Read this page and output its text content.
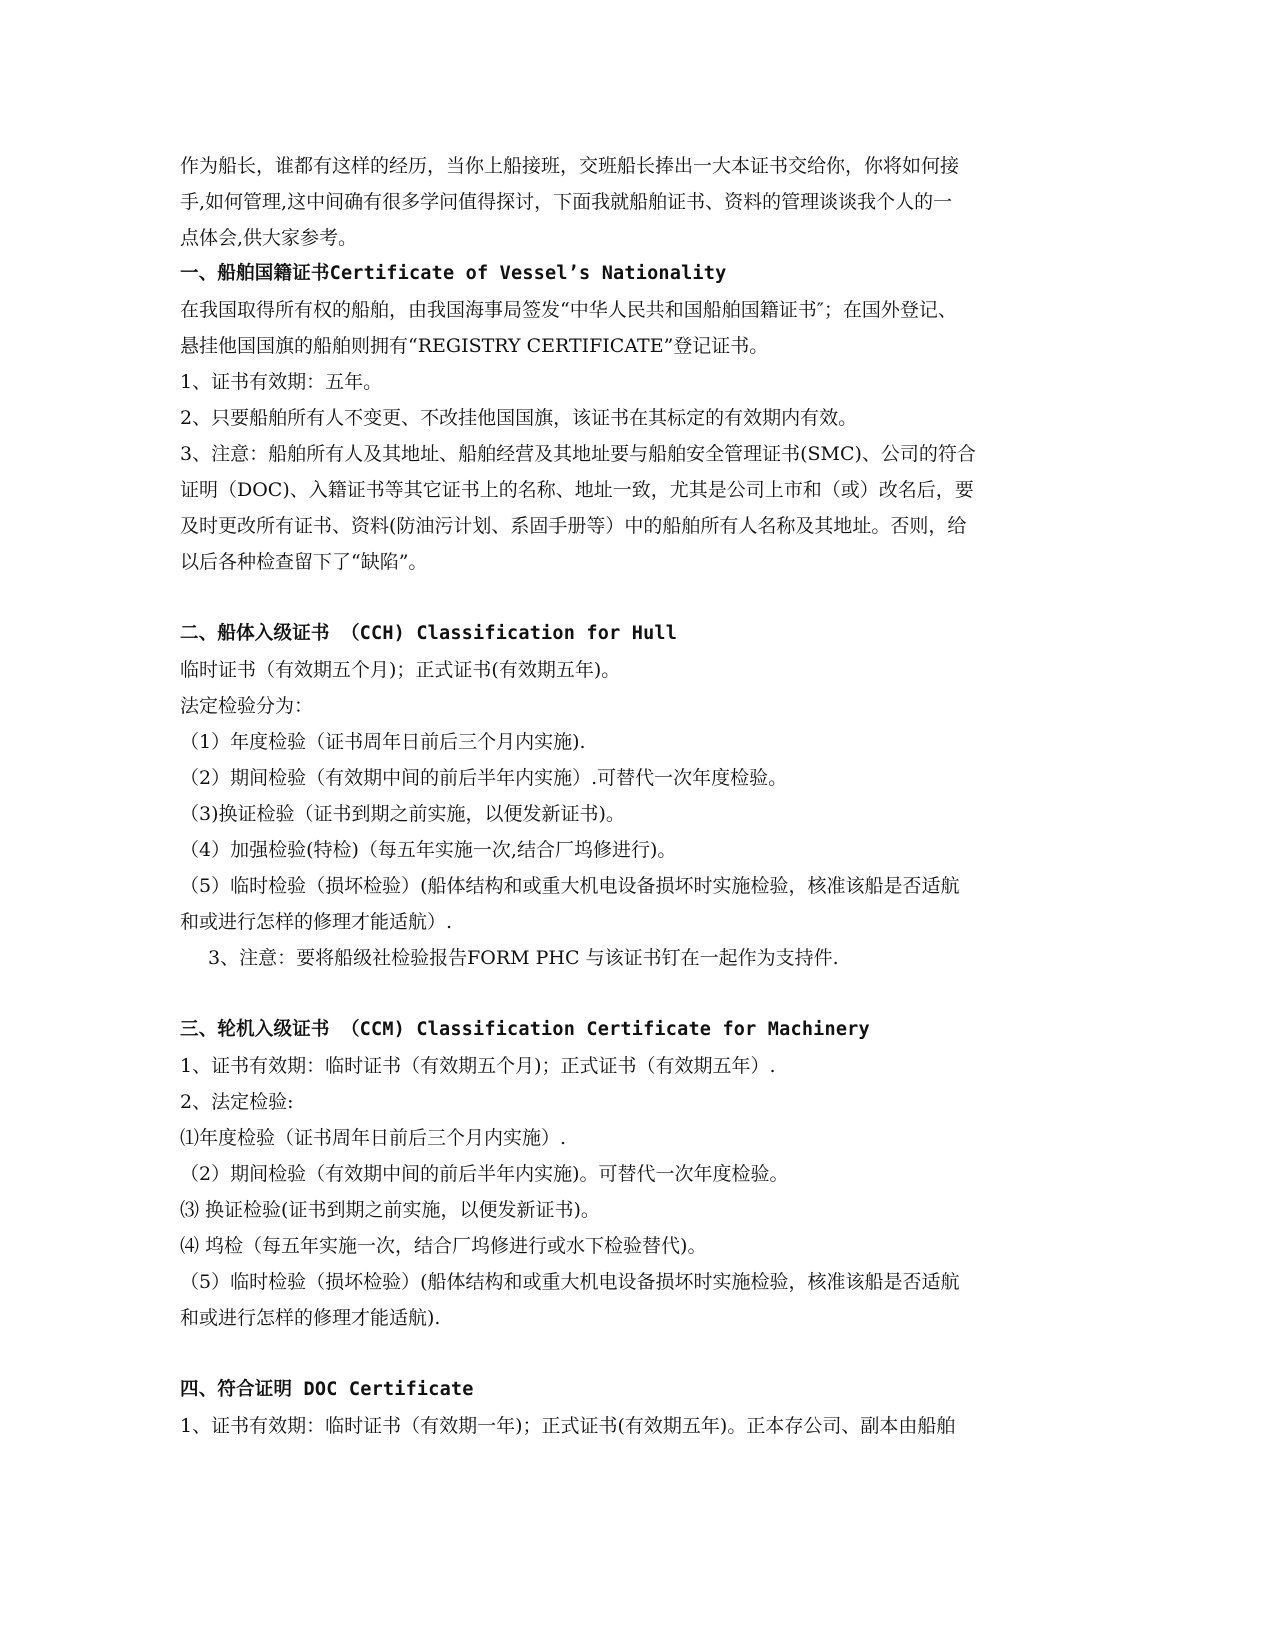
作为船长，谁都有这样的经历，当你上船接班，交班船长捧出一大本证书交给你，你将如何接
手,如何管理,这中间确有很多学问值得探讨，下面我就船舶证书、资料的管理谈谈我个人的一
点体会,供大家参考。
一、船舶国籍证书Certificate of Vessel’s Nationality
在我国取得所有权的船舶，由我国海事局签发“中华人民共和国船舶国籍证书″；在国外登记、
悬挂他国国旗的船舶则拥有“REGISTRY CERTIFICATE”登记证书。
1、证书有效期：五年。
2、只要船舶所有人不变更、不改挂他国国旗，该证书在其标定的有效期内有效。
3、注意：船舶所有人及其地址、船舶经营及其地址要与船舶安全管理证书(SMC)、公司的符合
证明（DOC)、入籍证书等其它证书上的名称、地址一致，尤其是公司上市和（或）改名后，要
及时更改所有证书、资料(防油污计划、系固手册等）中的船舶所有人名称及其地址。否则，给
以后各种检查留下了“缺陷”。
二、船体入级证书 （CCH) Classification for Hull
临时证书（有效期五个月)；正式证书(有效期五年)。
法定检验分为：
（1）年度检验（证书周年日前后三个月内实施).
（2）期间检验（有效期中间的前后半年内实施）.可替代一次年度检验。
（3)换证检验（证书到期之前实施，以便发新证书)。
（4）加强检验(特检)（每五年实施一次,结合厂坞修进行)。
（5）临时检验（损坏检验）(船体结构和或重大机电设备损坏时实施检验，核准该船是否适航
和或进行怎样的修理才能适航）.
3、注意：要将船级社检验报告FORM PHC 与该证书钉在一起作为支持件.
三、轮机入级证书 （CCM) Classification Certificate for Machinery
1、证书有效期：临时证书（有效期五个月)；正式证书（有效期五年）.
2、法定检验:
⑴年度检验（证书周年日前后三个月内实施）.
（2）期间检验（有效期中间的前后半年内实施)。可替代一次年度检验。
⑶ 换证检验(证书到期之前实施，以便发新证书)。
⑷ 坞检（每五年实施一次，结合厂坞修进行或水下检验替代)。
（5）临时检验（损坏检验）(船体结构和或重大机电设备损坏时实施检验，核准该船是否适航
和或进行怎样的修理才能适航).
四、符合证明 DOC Certificate
1、证书有效期：临时证书（有效期一年)；正式证书(有效期五年)。正本存公司、副本由船舶
